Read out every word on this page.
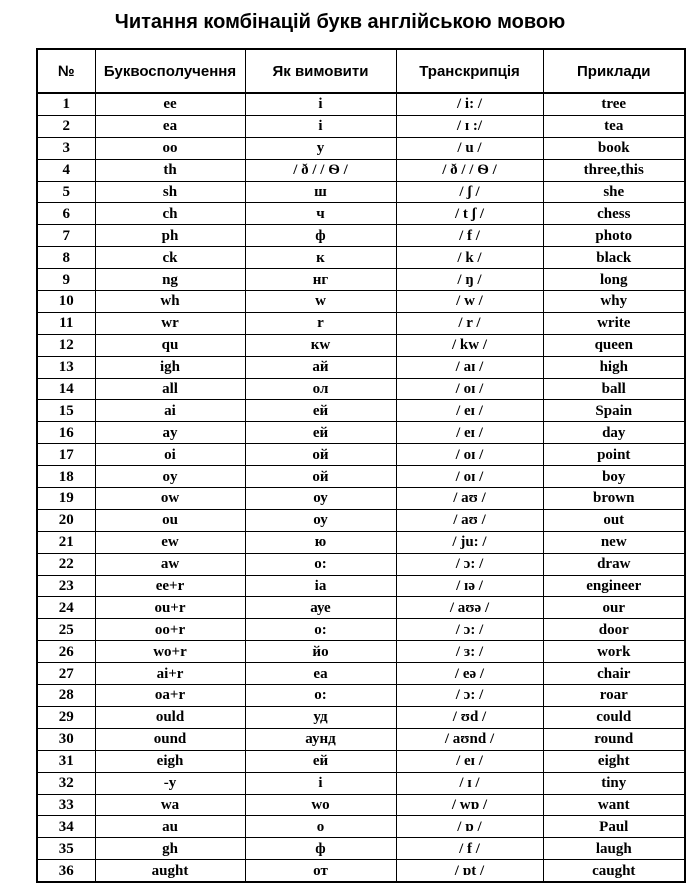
Читання комбінацій букв англійською мовою
№	Буквосполучення	Як вимовити	Транскрипція	Приклади
1	ee	i	/ i: /	tree
2	ea	і	/ ɪ :/	tea
3	oo	у	/ u /	book
4	th	/ ð / / Ѳ /	/ ð / / Ѳ /	three,this
5	sh	ш	/ ʃ /	she
6	ch	ч	/ t ʃ /	chess
7	ph	ф	/ f /	photo
8	ck	к	/ k /	black
9	ng	нг	/ ŋ /	long
10	wh	w	/ w /	why
11	wr	r	/ r /	write
12	qu	кw	/ kw /	queen
13	igh	ай	/ aɪ /	high
14	all	ол	/ oɪ /	ball
15	ai	ей	/ eɪ /	Spain
16	ay	ей	/ eɪ /	day
17	oi	ой	/ oɪ /	point
18	oy	ой	/ oɪ /	boy
19	ow	оу	/ aʊ /	brown
20	ou	оу	/ aʊ /	out
21	ew	ю	/ ju: /	new
22	aw	о:	/ ɔ: /	draw
23	ee+r	іа	/ ɪə /	engineer
24	ou+r	ауе	/ aʊə /	our
25	oo+r	о:	/ ɔ: /	door
26	wo+r	йо	/ ɜ: /	work
27	ai+r	еа	/ eə /	chair
28	oa+r	о:	/ ɔ: /	roar
29	ould	уд	/ ʊd /	could
30	ound	аунд	/ aʊnd /	round
31	eigh	ей	/ eɪ /	eight
32	-y	і	/ ɪ /	tiny
33	wa	wo	/ wɒ /	want
34	au	о	/ ɒ /	Paul
35	gh	ф	/ f /	laugh
36	aught	от	/ ɒt /	caught
